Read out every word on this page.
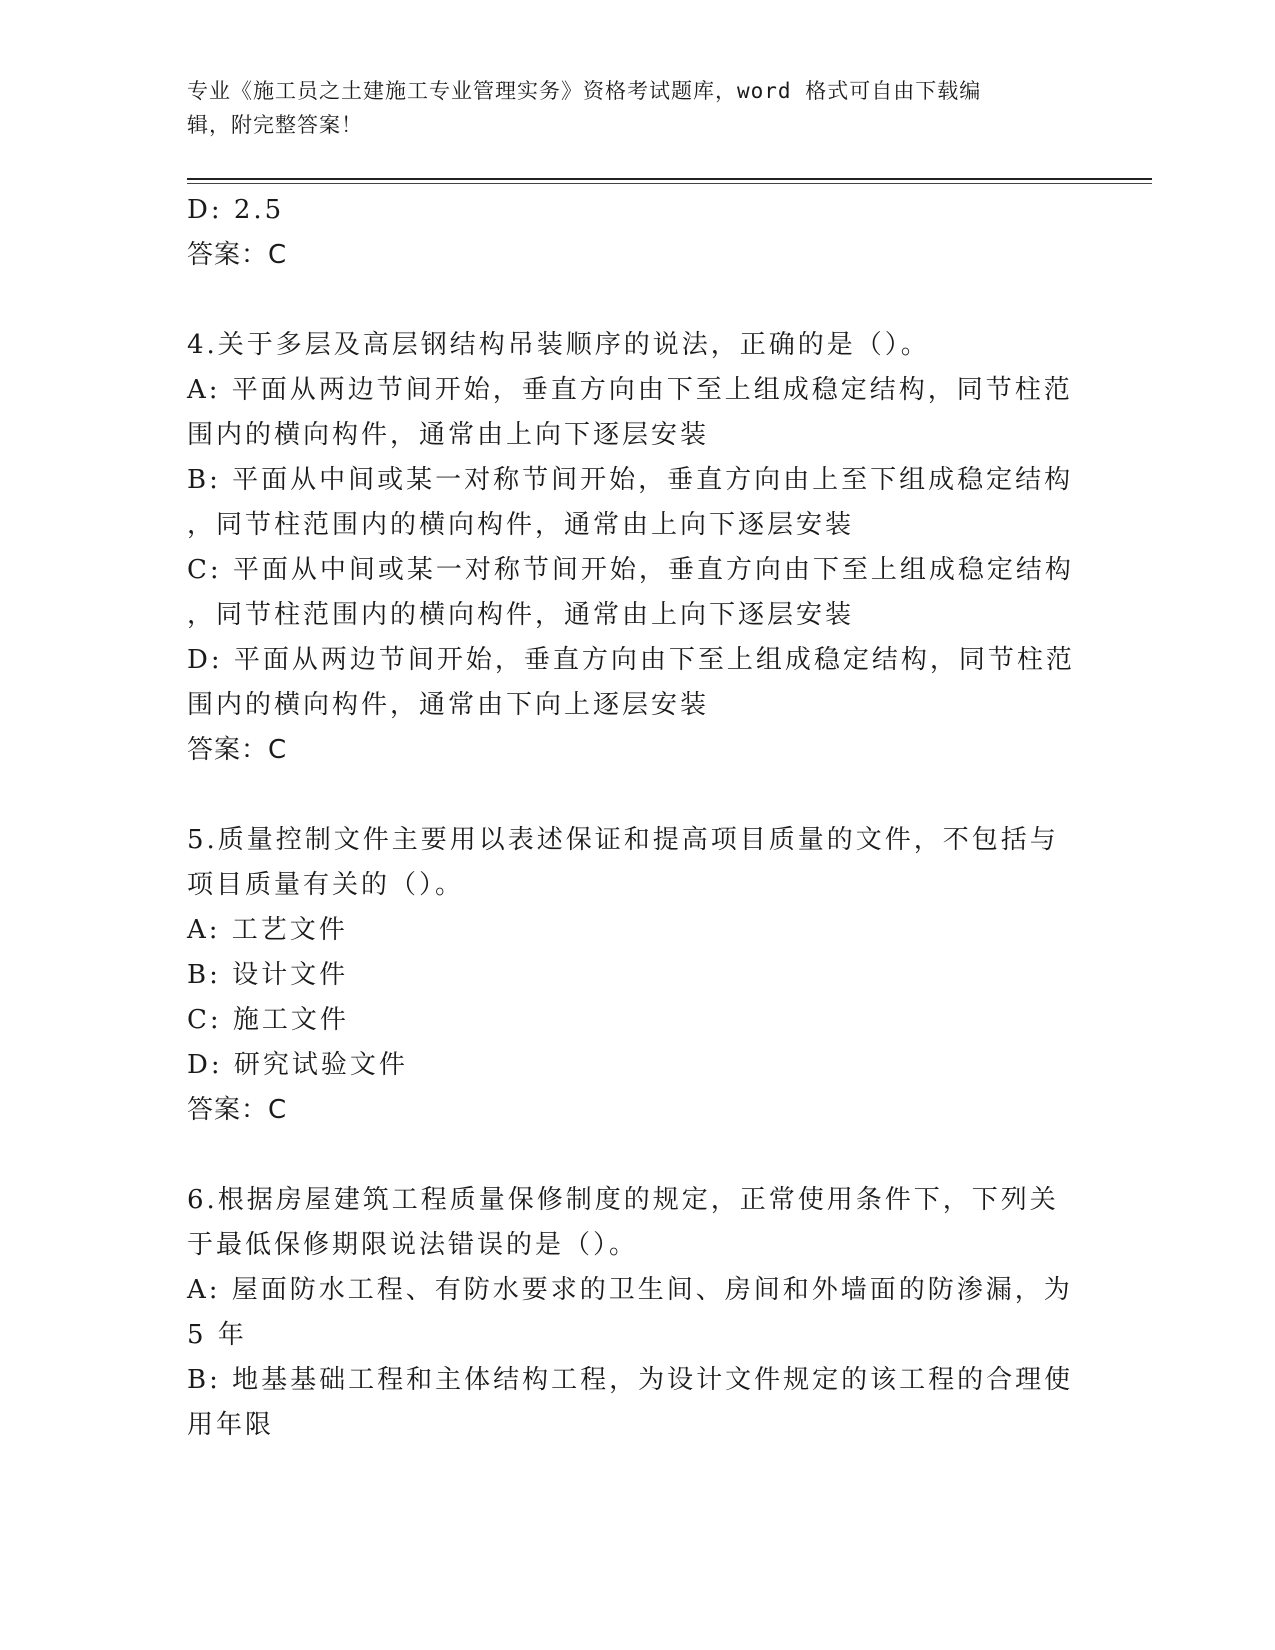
专业《施工员之土建施工专业管理实务》资格考试题库，word 格式可自由下载编
辑，附完整答案！
D: 2.5
答案：C
4.关于多层及高层钢结构吊装顺序的说法，正确的是（）。
A: 平面从两边节间开始，垂直方向由下至上组成稳定结构，同节柱范
围内的横向构件，通常由上向下逐层安装
B: 平面从中间或某一对称节间开始，垂直方向由上至下组成稳定结构
，同节柱范围内的横向构件，通常由上向下逐层安装
C: 平面从中间或某一对称节间开始，垂直方向由下至上组成稳定结构
，同节柱范围内的横向构件，通常由上向下逐层安装
D: 平面从两边节间开始，垂直方向由下至上组成稳定结构，同节柱范
围内的横向构件，通常由下向上逐层安装
答案：C
5.质量控制文件主要用以表述保证和提高项目质量的文件，不包括与
项目质量有关的（）。
A: 工艺文件
B: 设计文件
C: 施工文件
D: 研究试验文件
答案：C
6.根据房屋建筑工程质量保修制度的规定，正常使用条件下，下列关
于最低保修期限说法错误的是（）。
A: 屋面防水工程、有防水要求的卫生间、房间和外墙面的防渗漏，为
5 年
B: 地基基础工程和主体结构工程，为设计文件规定的该工程的合理使
用年限
